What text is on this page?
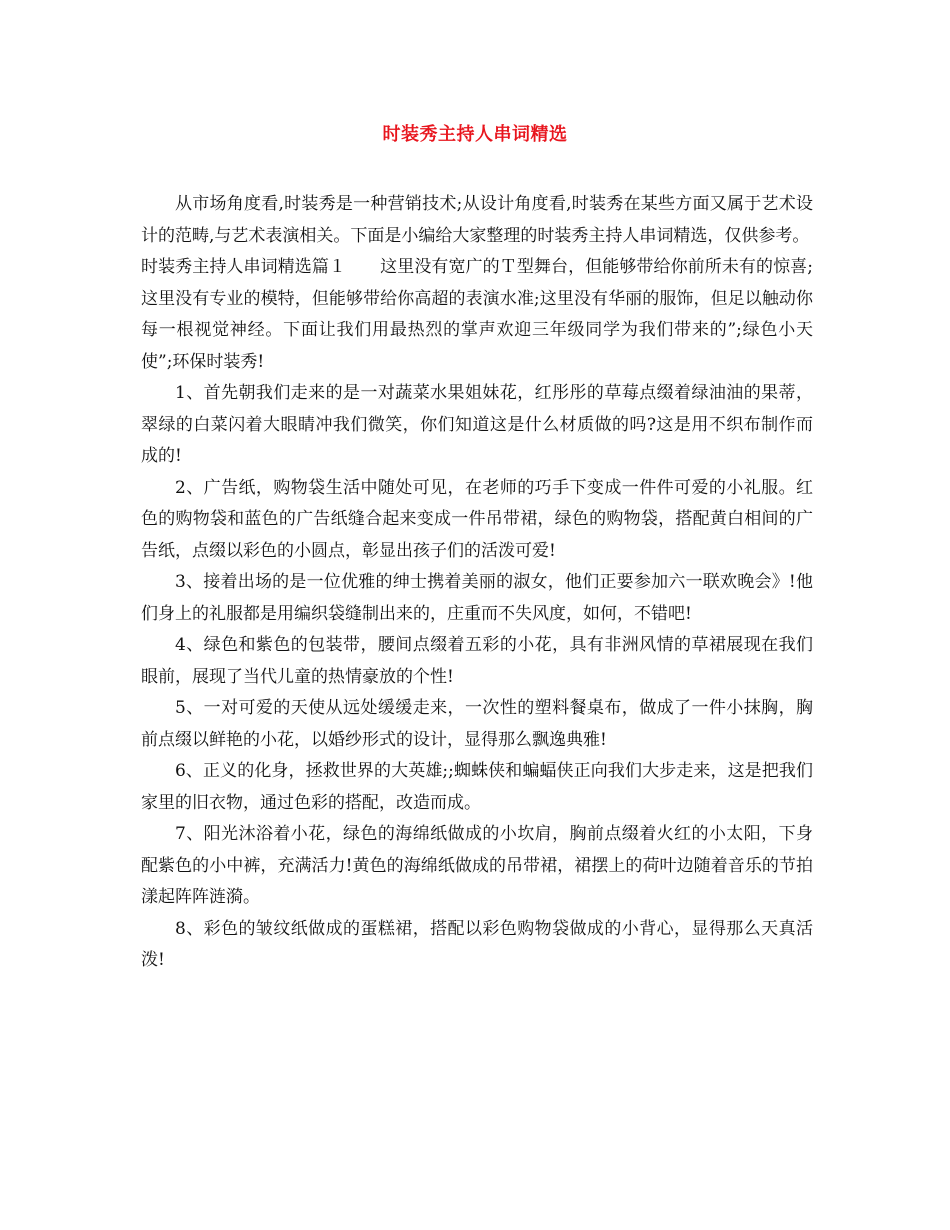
时装秀主持人串词精选

从市场角度看,时装秀是一种营销技术;从设计角度看,时装秀在某些方面又属于艺术设计的范畴,与艺术表演相关。下面是小编给大家整理的时装秀主持人串词精选，仅供参考。

时装秀主持人串词精选篇１　　这里没有宽广的Ｔ型舞台，但能够带给你前所未有的惊喜;这里没有专业的模特，但能够带给你高超的表演水准;这里没有华丽的服饰，但足以触动你每一根视觉神经。下面让我们用最热烈的掌声欢迎三年级同学为我们带来的”;绿色小天使”;环保时装秀!

1、首先朝我们走来的是一对蔬菜水果姐妹花，红彤彤的草莓点缀着绿油油的果蒂，翠绿的白菜闪着大眼睛冲我们微笑，你们知道这是什么材质做的吗?这是用不织布制作而成的!

2、广告纸，购物袋生活中随处可见，在老师的巧手下变成一件件可爱的小礼服。红色的购物袋和蓝色的广告纸缝合起来变成一件吊带裙，绿色的购物袋，搭配黄白相间的广告纸，点缀以彩色的小圆点，彰显出孩子们的活泼可爱!

3、接着出场的是一位优雅的绅士携着美丽的淑女，他们正要参加六一联欢晚会》!他们身上的礼服都是用编织袋缝制出来的，庄重而不失风度，如何，不错吧!

4、绿色和紫色的包装带，腰间点缀着五彩的小花，具有非洲风情的草裙展现在我们眼前，展现了当代儿童的热情豪放的个性!

5、一对可爱的天使从远处缓缓走来，一次性的塑料餐桌布，做成了一件小抹胸，胸前点缀以鲜艳的小花，以婚纱形式的设计，显得那么飘逸典雅!

6、正义的化身，拯救世界的大英雄;;蜘蛛侠和蝙蝠侠正向我们大步走来，这是把我们家里的旧衣物，通过色彩的搭配，改造而成。

7、阳光沐浴着小花，绿色的海绵纸做成的小坎肩，胸前点缀着火红的小太阳，下身配紫色的小中裤，充满活力!黄色的海绵纸做成的吊带裙，裙摆上的荷叶边随着音乐的节拍漾起阵阵涟漪。

8、彩色的皱纹纸做成的蛋糕裙，搭配以彩色购物袋做成的小背心，显得那么天真活泼!
